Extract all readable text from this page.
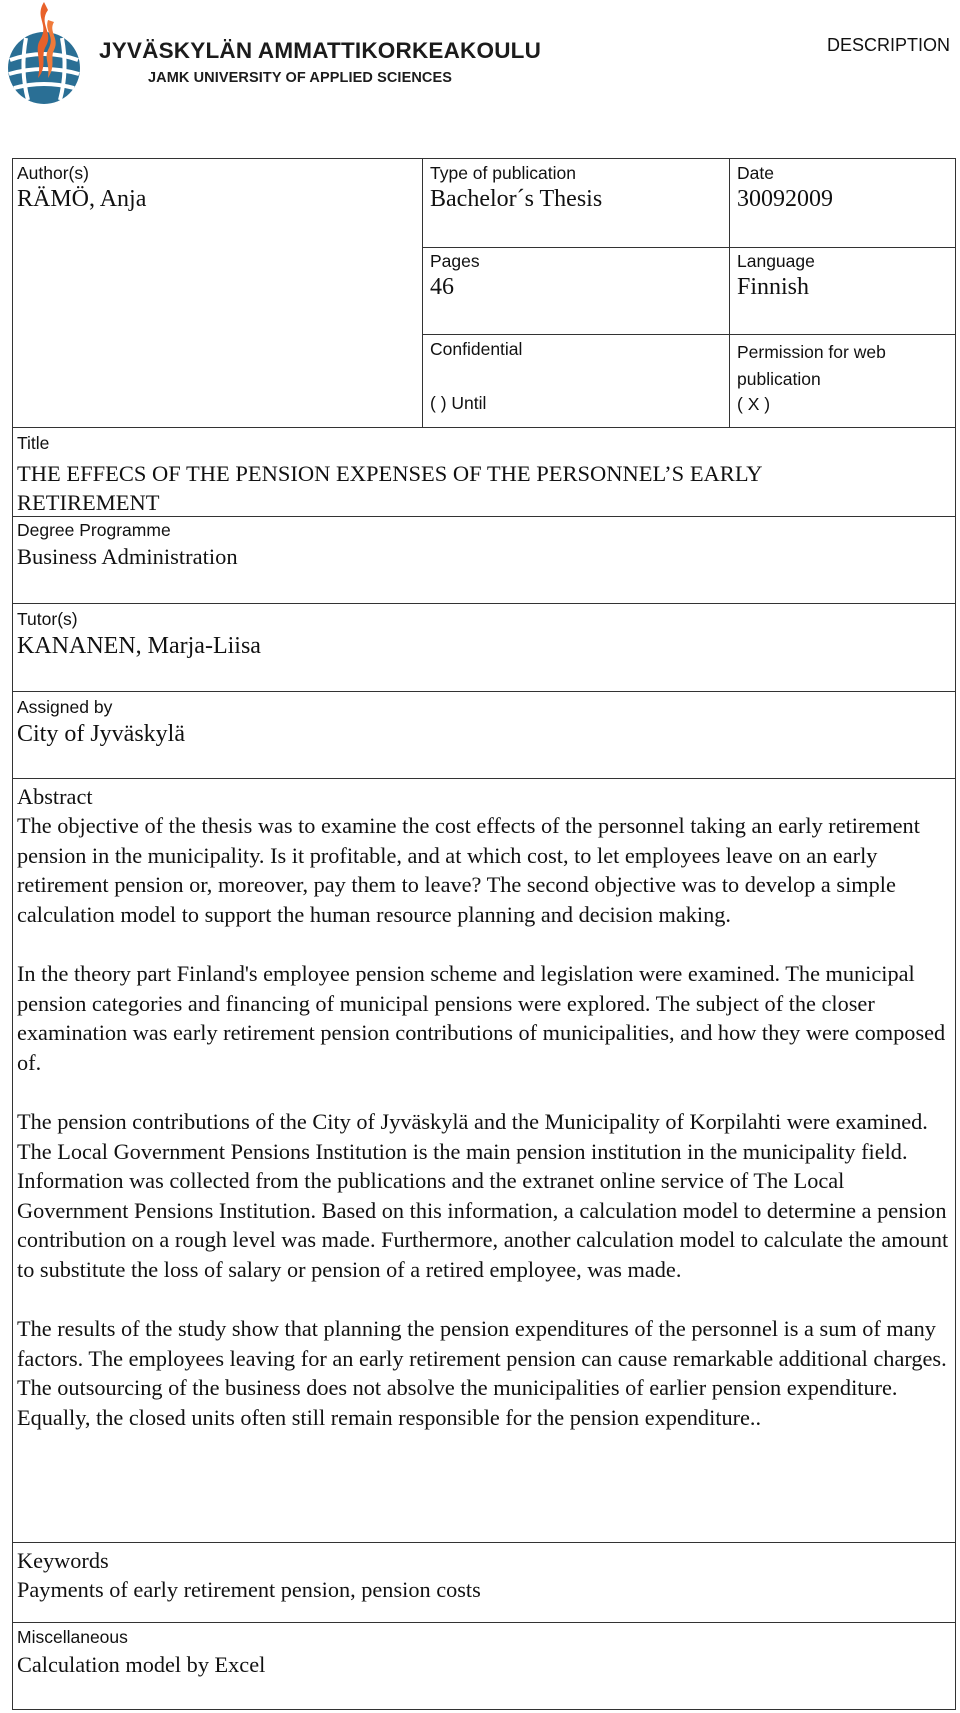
JYVÄSKYLÄN AMMATTIKORKEAKOULU
JAMK UNIVERSITY OF APPLIED SCIENCES
DESCRIPTION
Author(s)
RÄMÖ, Anja
Type of publication
Bachelor´s Thesis
Date
30092009
Pages
46
Language
Finnish
Confidential
( ) Until
Permission for web
publication
( X )
Title
THE EFFECS OF THE PENSION EXPENSES OF THE PERSONNEL’S EARLY RETIREMENT
Degree Programme
Business Administration
Tutor(s)
KANANEN, Marja-Liisa
Assigned by
City of Jyväskylä
Abstract

The objective of the thesis was to examine the cost effects of the personnel taking an early retirement pension in the municipality. Is it profitable, and at which cost, to let employees leave on an early retirement pension or, moreover, pay them to leave? The second objective was to develop a simple calculation model to support the human resource planning and decision making.

In the theory part Finland's employee pension scheme and legislation were examined. The municipal pension categories and financing of municipal pensions were explored. The subject of the closer examination was early retirement pension contributions of municipalities, and how they were composed of.

The pension contributions of the City of Jyväskylä and the Municipality of Korpilahti were examined. The Local Government Pensions Institution is the main pension institution in the municipality field. Information was collected from the publications and the extranet online service of The Local Government Pensions Institution. Based on this information, a calculation model to determine a pension contribution on a rough level was made. Furthermore, another calculation model to calculate the amount to substitute the loss of salary or pension of a retired employee, was made.

The results of the study show that planning the pension expenditures of the personnel is a sum of many factors. The employees leaving for an early retirement pension can cause remarkable additional charges. The outsourcing of the business does not absolve the municipalities of earlier pension expenditure. Equally, the closed units often still remain responsible for the pension expenditure..

Keywords
Payments of early retirement pension, pension costs
Miscellaneous
Calculation model by Excel
